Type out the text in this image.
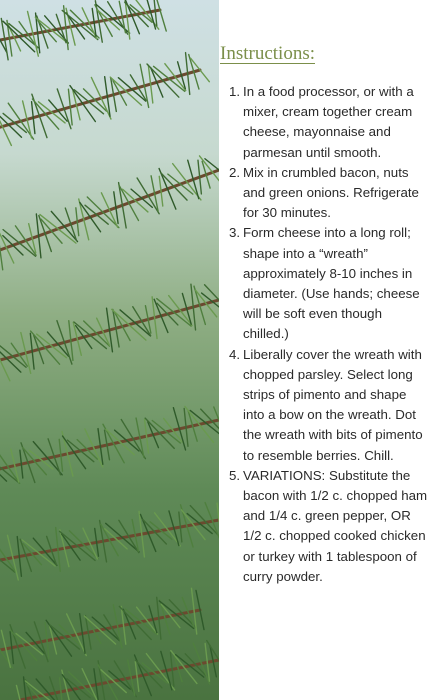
Instructions:
1. In a food processor, or with a mixer, cream together cream cheese, mayonnaise and parmesan until smooth.
2. Mix in crumbled bacon, nuts and green onions. Refrigerate for 30 minutes.
3. Form cheese into a long roll; shape into a “wreath” approximately 8-10 inches in diameter. (Use hands; cheese will be soft even though chilled.)
4. Liberally cover the wreath with chopped parsley. Select long strips of pimento and shape into a bow on the wreath. Dot the wreath with bits of pimento to resemble berries. Chill.
5. VARIATIONS: Substitute the bacon with 1/2 c. chopped ham and 1/4 c. green pepper, OR 1/2 c. chopped cooked chicken or turkey with 1 tablespoon of curry powder.
